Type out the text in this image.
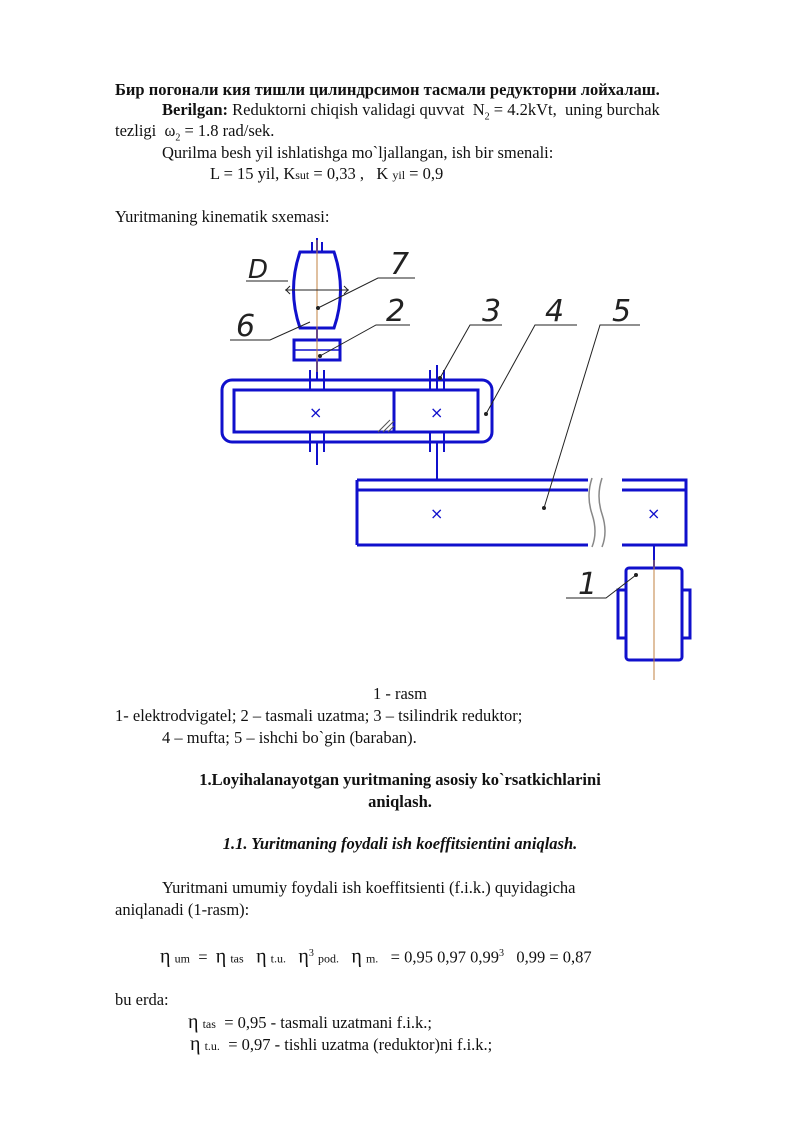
Бир погонали кия тишли цилиндрсимон тасмали редукторни лойхалаш.
Berilgan: Reduktorni chiqish validagi quvvat $N_2 = 4.2kVt$, uning burchak
tezligi $\omega_2 = 1.8$ rad/sek.
Qurilma besh yil ishlatishga mo`ljallangan, ish bir smenali:
L = 15 yil, Ksut = 0,33 , K yil = 0,9
Yuritmaning kinematik sxemasi:
×	×
×	×
7
2
6	3 4 5
1
D
1 - rasm
1- elektrodvigatel; 2 – tasmali uzatma; 3 – tsilindrik reduktor;
4 – mufta; 5 – ishchi bo`gin (baraban).
1.Loyihalanayotgan yuritmaning asosiy ko`rsatkichlarini
aniqlash.
1.1. Yuritmaning foydali ish koeffitsientini aniqlash.
Yuritmani umumiy foydali ish koeffitsienti (f.i.k.) quyidagicha
aniqlanadi (1-rasm):
η um = η tas η t.u. $\eta^3$ pod. η m. = 0,95 0,97 0,99$^3$ 0,99 = 0,87
bu erda:
η tas = 0,95 - tasmali uzatmani f.i.k.;
η t.u. = 0,97 - tishli uzatma (reduktor)ni f.i.k.;
